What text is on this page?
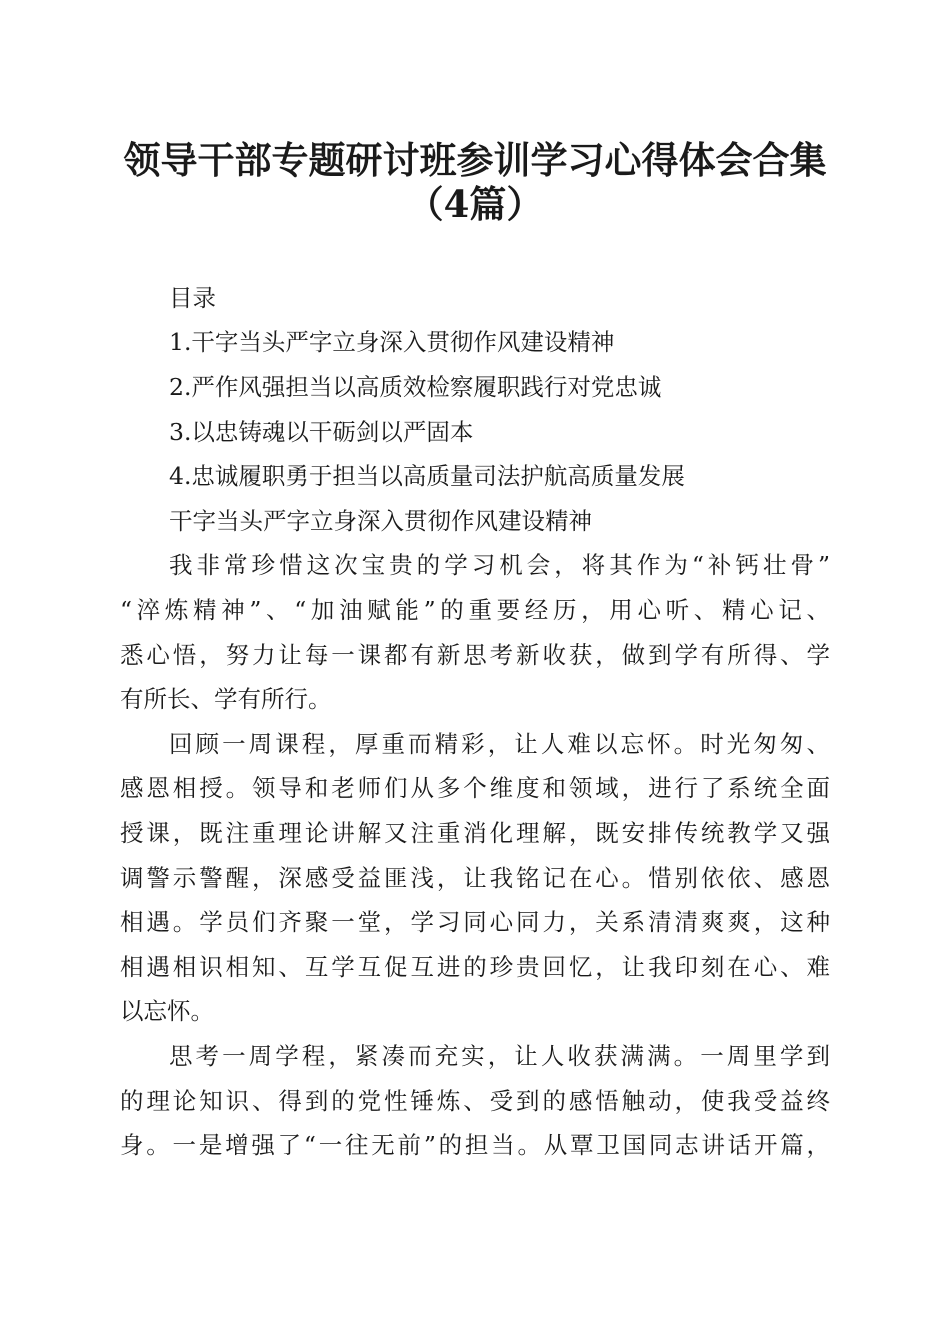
领导干部专题研讨班参训学习心得体会合集
（4篇）
目录
1.干字当头严字立身深入贯彻作风建设精神
2.严作风强担当以高质效检察履职践行对党忠诚
3.以忠铸魂以干砺剑以严固本
4.忠诚履职勇于担当以高质量司法护航高质量发展
干字当头严字立身深入贯彻作风建设精神
我非常珍惜这次宝贵的学习机会，将其作为“补钙壮骨”
“淬炼精神”、“加油赋能”的重要经历，用心听、精心记、
悉心悟，努力让每一课都有新思考新收获，做到学有所得、学
有所长、学有所行。
回顾一周课程，厚重而精彩，让人难以忘怀。时光匆匆、
感恩相授。领导和老师们从多个维度和领域，进行了系统全面
授课，既注重理论讲解又注重消化理解，既安排传统教学又强
调警示警醒，深感受益匪浅，让我铭记在心。惜别依依、感恩
相遇。学员们齐聚一堂，学习同心同力，关系清清爽爽，这种
相遇相识相知、互学互促互进的珍贵回忆，让我印刻在心、难
以忘怀。
思考一周学程，紧凑而充实，让人收获满满。一周里学到
的理论知识、得到的党性锤炼、受到的感悟触动，使我受益终
身。一是增强了“一往无前”的担当。从覃卫国同志讲话开篇，
